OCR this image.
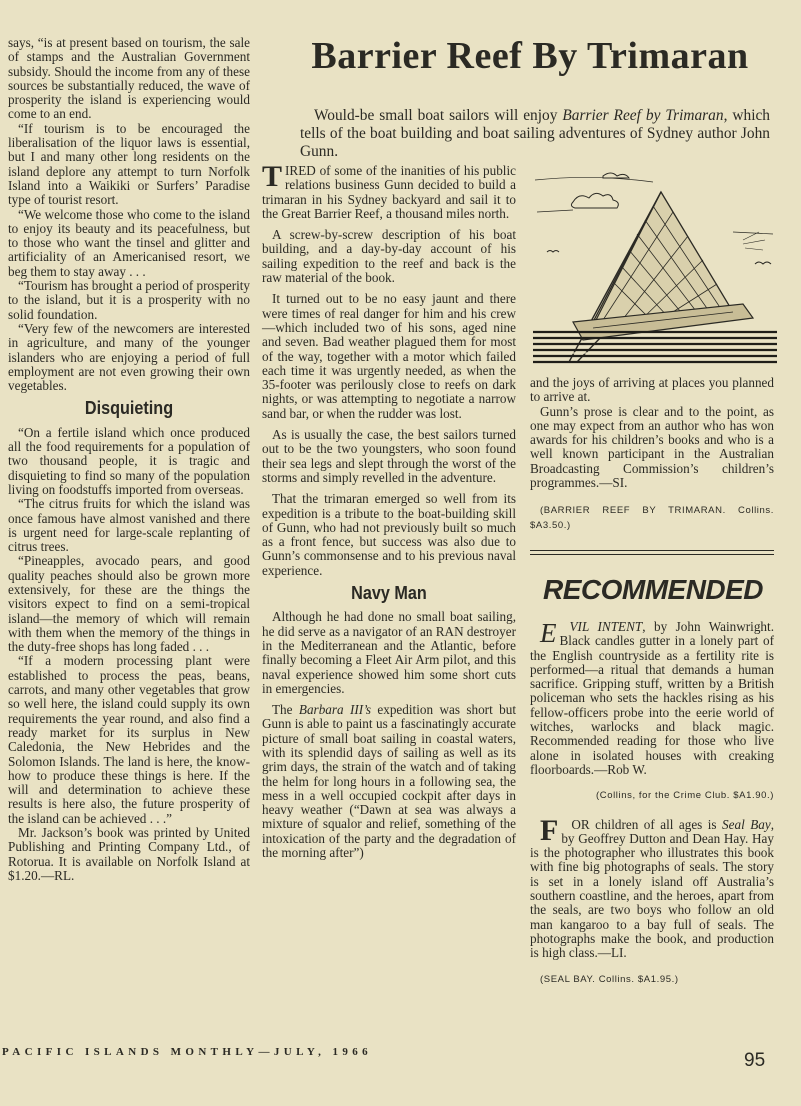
Barrier Reef By Trimaran

Would-be small boat sailors will enjoy Barrier Reef by Trimaran, which tells of the boat building and boat sailing adventures of Sydney author John Gunn.

says, “is at present based on tourism, the sale of stamps and the Australian Government subsidy. Should the income from any of these sources be substantially reduced, the wave of prosperity the island is experiencing would come to an end.

“If tourism is to be encouraged the liberalisation of the liquor laws is essential, but I and many other long residents on the island deplore any attempt to turn Norfolk Island into a Waikiki or Surfers’ Paradise type of tourist resort.

“We welcome those who come to the island to enjoy its beauty and its peacefulness, but to those who want the tinsel and glitter and artificiality of an Americanised resort, we beg them to stay away . . .

“Tourism has brought a period of prosperity to the island, but it is a prosperity with no solid foundation.

“Very few of the newcomers are interested in agriculture, and many of the younger islanders who are enjoying a period of full employment are not even growing their own vegetables.

Disquieting

“On a fertile island which once produced all the food requirements for a population of two thousand people, it is tragic and disquieting to find so many of the population living on foodstuffs imported from overseas.

“The citrus fruits for which the island was once famous have almost vanished and there is urgent need for large-scale replanting of citrus trees.

“Pineapples, avocado pears, and good quality peaches should also be grown more extensively, for these are the things the visitors expect to find on a semi-tropical island—the memory of which will remain with them when the memory of the things in the duty-free shops has long faded . . .

“If a modern processing plant were established to process the peas, beans, carrots, and many other vegetables that grow so well here, the island could supply its own requirements the year round, and also find a ready market for its surplus in New Caledonia, the New Hebrides and the Solomon Islands. The land is here, the know-how to produce these things is here. If the will and determination to achieve these results is here also, the future prosperity of the island can be achieved . . .”

Mr. Jackson’s book was printed by United Publishing and Printing Company Ltd., of Rotorua. It is available on Norfolk Island at $1.20.—RL.

TIRED of some of the inanities of his public relations business Gunn decided to build a trimaran in his Sydney backyard and sail it to the Great Barrier Reef, a thousand miles north.

A screw-by-screw description of his boat building, and a day-by-day account of his sailing expedition to the reef and back is the raw material of the book.

It turned out to be no easy jaunt and there were times of real danger for him and his crew—which included two of his sons, aged nine and seven. Bad weather plagued them for most of the way, together with a motor which failed each time it was urgently needed, as when the 35-footer was perilously close to reefs on dark nights, or was attempting to negotiate a narrow sand bar, or when the rudder was lost.

As is usually the case, the best sailors turned out to be the two youngsters, who soon found their sea legs and slept through the worst of the storms and simply revelled in the adventure.

That the trimaran emerged so well from its expedition is a tribute to the boat-building skill of Gunn, who had not previously built so much as a front fence, but success was also due to Gunn’s commonsense and to his previous naval experience.

Navy Man

Although he had done no small boat sailing, he did serve as a navigator of an RAN destroyer in the Mediterranean and the Atlantic, before finally becoming a Fleet Air Arm pilot, and this naval experience showed him some short cuts in emergencies.

The Barbara III’s expedition was short but Gunn is able to paint us a fascinatingly accurate picture of small boat sailing in coastal waters, with its splendid days of sailing as well as its grim days, the strain of the watch and of taking the helm for long hours in a following sea, the mess in a well occupied cockpit after days in heavy weather (“Dawn at sea was always a mixture of squalor and relief, something of the intoxication of the party and the degradation of the morning after”)

and the joys of arriving at places you planned to arrive at.

Gunn’s prose is clear and to the point, as one may expect from an author who has won awards for his children’s books and who is a well known participant in the Australian Broadcasting Commission’s children’s programmes.—SI.

(BARRIER REEF BY TRIMARAN. Collins. $A3.50.)

RECOMMENDED

EVIL INTENT, by John Wainwright. Black candles gutter in a lonely part of the English countryside as a fertility rite is performed—a ritual that demands a human sacrifice. Gripping stuff, written by a British policeman who sets the hackles rising as his fellow-officers probe into the eerie world of witches, warlocks and black magic. Recommended reading for those who live alone in isolated houses with creaking floorboards.—Rob W.

(Collins, for the Crime Club. $A1.90.)

FOR children of all ages is Seal Bay, by Geoffrey Dutton and Dean Hay. Hay is the photographer who illustrates this book with fine big photographs of seals. The story is set in a lonely island off Australia’s southern coastline, and the heroes, apart from the seals, are two boys who follow an old man kangaroo to a bay full of seals. The photographs make the book, and production is high class.—LI.

(SEAL BAY. Collins. $A1.95.)

PACIFIC ISLANDS MONTHLY—JULY, 1966	95
